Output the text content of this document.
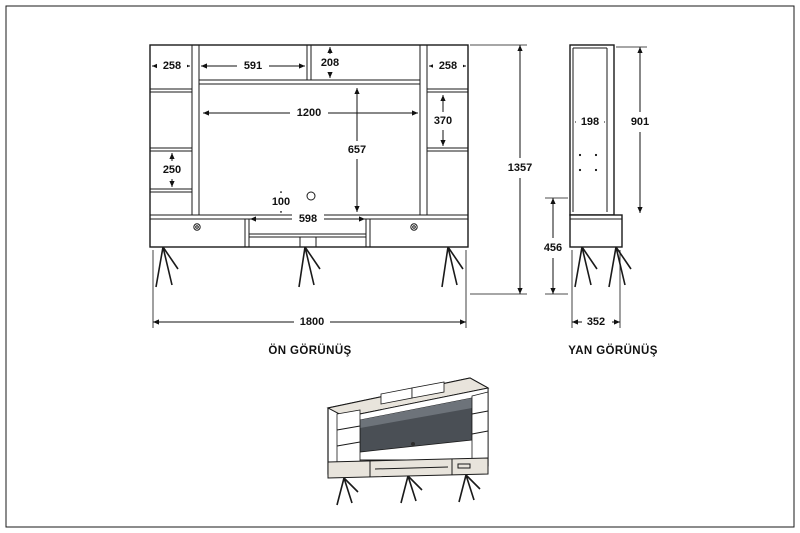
258	591	208	258
1200
370
657
250
100
598
1357
1800
ÖN GÖRÜNÜŞ
198	901
456
352
YAN GÖRÜNÜŞ
